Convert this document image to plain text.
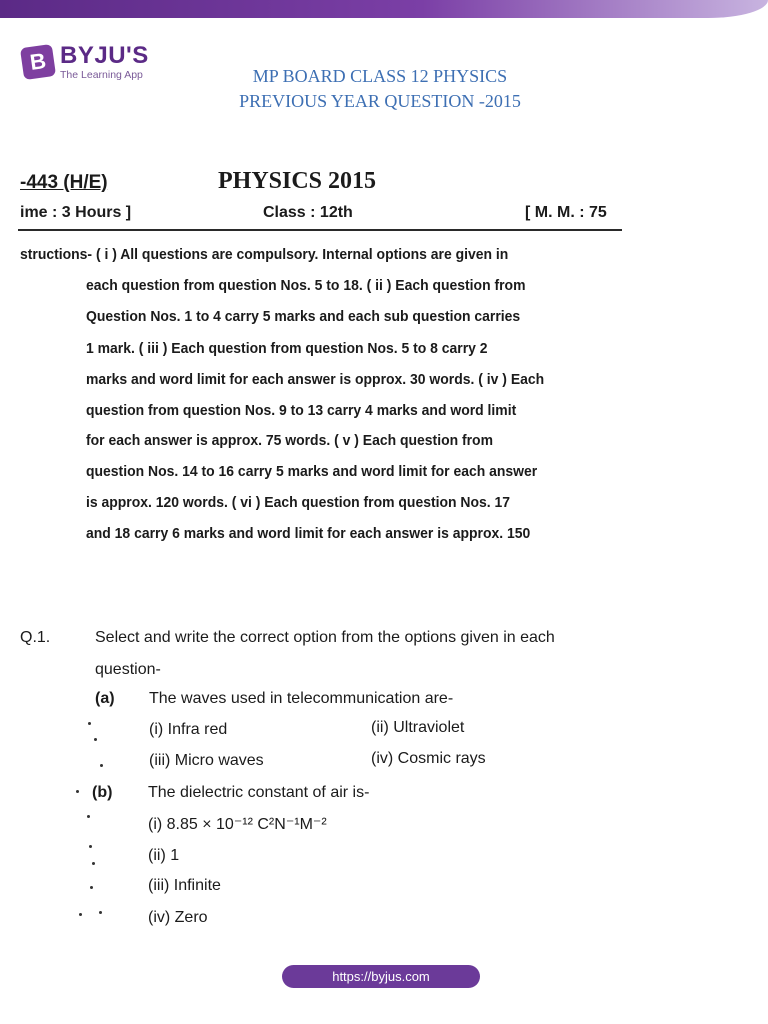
B BYJU'S
The Learning App	MP BOARD CLASS 12 PHYSICS
PREVIOUS YEAR QUESTION -2015
-443 (H/E)	PHYSICS 2015
ime : 3 Hours ]	Class : 12th	[ M. M. : 75
structions- ( i ) All questions are compulsory. Internal options are given in
each question from question Nos. 5 to 18. ( ii ) Each question from
Question Nos. 1 to 4 carry 5 marks and each sub question carries
1 mark. ( iii ) Each question from question Nos. 5 to 8 carry 2
marks and word limit for each answer is opprox. 30 words. ( iv ) Each
question from question Nos. 9 to 13 carry 4 marks and word limit
for each answer is approx. 75 words. ( v ) Each question from
question Nos. 14 to 16 carry 5 marks and word limit for each answer
is approx. 120 words. ( vi ) Each question from question Nos. 17
and 18 carry 6 marks and word limit for each answer is approx. 150
Q.1.	Select and write the correct option from the options given in each
question-
(a) The waves used in telecommunication are-
(i) Infra red	(ii) Ultraviolet
(iii) Micro waves	(iv) Cosmic rays
(b) The dielectric constant of air is-
(i) 8.85 × 10⁻¹² C²N⁻¹M⁻²
(ii) 1
(iii) Infinite
(iv) Zero
https://byjus.com
